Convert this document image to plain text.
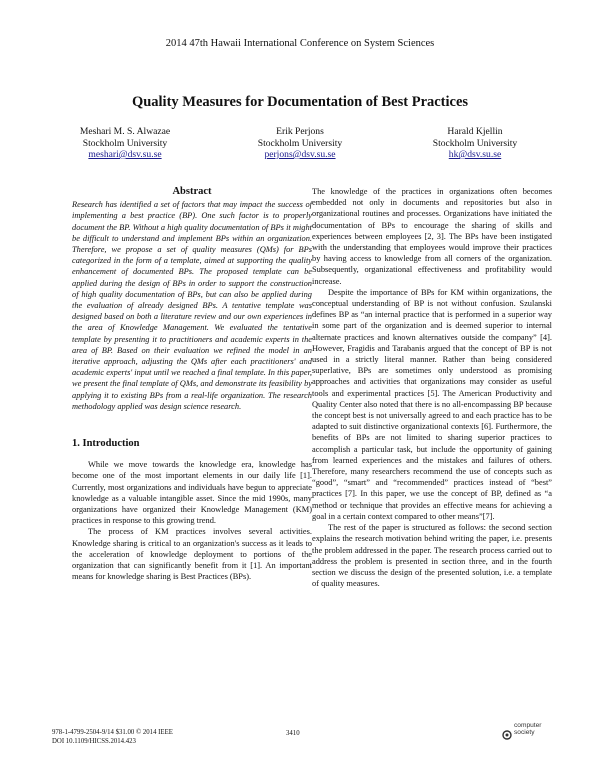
2014 47th Hawaii International Conference on System Sciences
Quality Measures for Documentation of Best Practices
Meshari M. S. Alwazae
Stockholm University
meshari@dsv.su.se
Erik Perjons
Stockholm University
perjons@dsv.su.se
Harald Kjellin
Stockholm University
hk@dsv.su.se
Abstract

Research has identified a set of factors that may impact the success of implementing a best practice (BP). One such factor is to properly document the BP. Without a high quality documentation of BPs it might be difficult to understand and implement BPs within an organization. Therefore, we propose a set of quality measures (QMs) for BPs categorized in the form of a template, aimed at supporting the quality enhancement of documented BPs. The proposed template can be applied during the design of BPs in order to support the construction of high quality documentation of BPs, but can also be applied during the evaluation of already designed BPs. A tentative template was designed based on both a literature review and our own experiences in the area of Knowledge Management. We evaluated the tentative template by presenting it to practitioners and academic experts in the area of BP. Based on their evaluation we refined the model in an iterative approach, adjusting the QMs after each practitioners' and academic experts' input until we reached a final template. In this paper, we present the final template of QMs, and demonstrate its feasibility by applying it to existing BPs from a real-life organization. The research methodology applied was design science research.

1. Introduction

While we move towards the knowledge era, knowledge has become one of the most important elements in our daily life [1]. Currently, most organizations and individuals have begun to appreciate knowledge as a valuable intangible asset. Since the mid 1990s, many organizations have organized their Knowledge Management (KM) practices in response to this growing trend.

The process of KM practices involves several activities. Knowledge sharing is critical to an organization's success as it leads to the acceleration of knowledge deployment to portions of the organization that can significantly benefit from it [1]. An important means for knowledge sharing is Best Practices (BPs).

The knowledge of the practices in organizations often becomes embedded not only in documents and repositories but also in organizational routines and processes. Organizations have initiated the documentation of BPs to encourage the sharing of skills and experiences between employees [2, 3]. The BPs have been instigated with the understanding that employees would improve their practices by having access to knowledge from all corners of the organization. Subsequently, organizational effectiveness and profitability would increase.

Despite the importance of BPs for KM within organizations, the conceptual understanding of BP is not without confusion. Szulanski defines BP as “an internal practice that is performed in a superior way in some part of the organization and is deemed superior to internal alternate practices and known alternatives outside the company” [4]. However, Fragidis and Tarabanis argued that the concept of BP is not used in a strictly literal manner. Rather than being considered superlative, BPs are sometimes only understood as promising approaches and activities that organizations may consider as useful tools and experimental practices [5]. The American Productivity and Quality Center also noted that there is no all-encompassing BP because the concept best is not universally agreed to and each practice has to be adapted to suit distinctive organizational contexts [6]. Furthermore, the benefits of BPs are not limited to sharing superior practices to accomplish a particular task, but include the opportunity of gaining from learned experiences and the mistakes and failures of others. Therefore, many researchers recommend the use of concepts such as “good”, “smart” and “recommended” practices instead of “best” practices [7]. In this paper, we use the concept of BP, defined as “a method or technique that provides an effective means for achieving a goal in a certain context compared to other means”[7].

The rest of the paper is structured as follows: the second section explains the research motivation behind writing the paper, i.e. presents the problem addressed in the paper. The research process carried out to address the problem is presented in section three, and in the fourth section we discuss the design of the presented solution, i.e. a template of quality measures.

978-1-4799-2504-9/14 $31.00 © 2014 IEEE
DOI 10.1109/HICSS.2014.423
3410
computer
society
